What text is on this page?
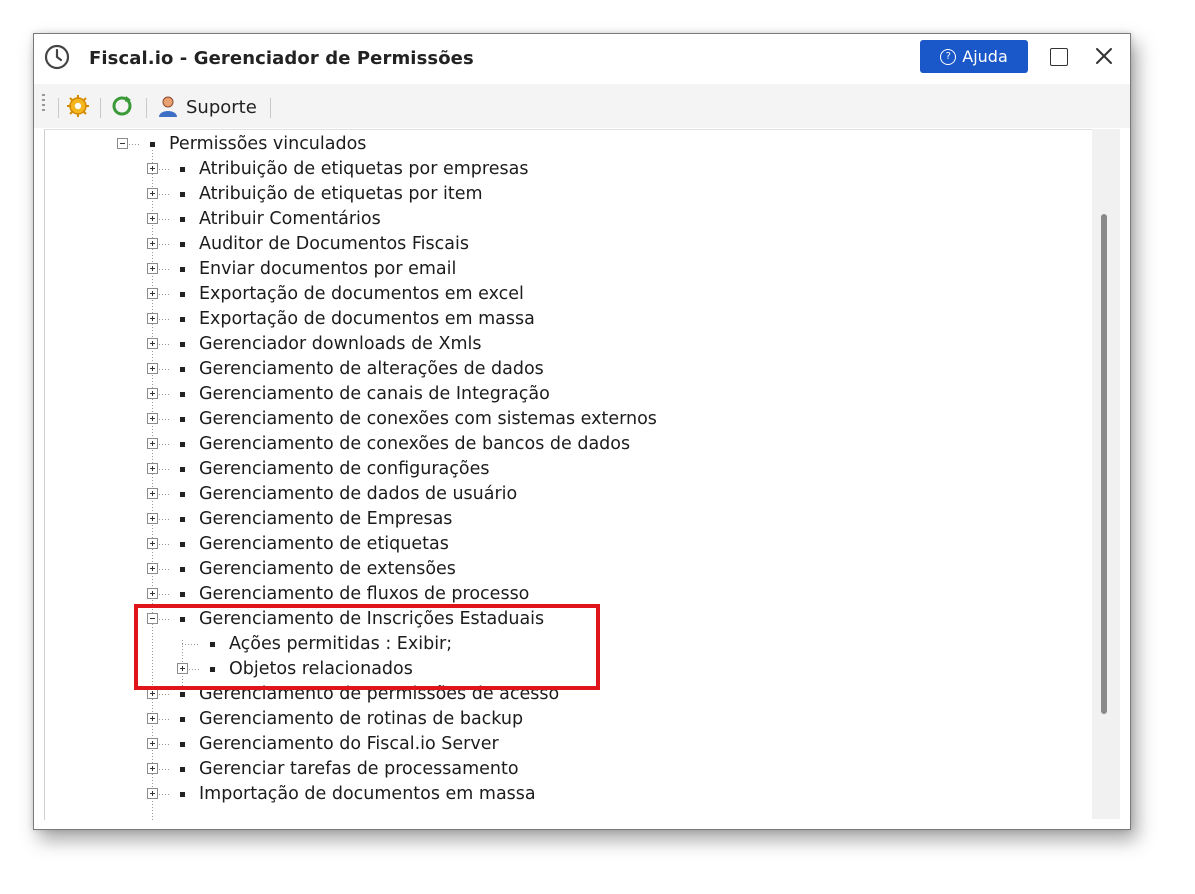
Fiscal.io - Gerenciador de Permissões	? Ajuda
Suporte
Permissões vinculados
Atribuição de etiquetas por empresas
Atribuição de etiquetas por item
Atribuir Comentários
Auditor de Documentos Fiscais
Enviar documentos por email
Exportação de documentos em excel
Exportação de documentos em massa
Gerenciador downloads de Xmls
Gerenciamento de alterações de dados
Gerenciamento de canais de Integração
Gerenciamento de conexões com sistemas externos
Gerenciamento de conexões de bancos de dados
Gerenciamento de configurações
Gerenciamento de dados de usuário
Gerenciamento de Empresas
Gerenciamento de etiquetas
Gerenciamento de extensões
Gerenciamento de fluxos de processo
Gerenciamento de Inscrições Estaduais
Ações permitidas : Exibir;
Objetos relacionados
Gerenciamento de permissões de acesso
Gerenciamento de rotinas de backup
Gerenciamento do Fiscal.io Server
Gerenciar tarefas de processamento
Importação de documentos em massa
